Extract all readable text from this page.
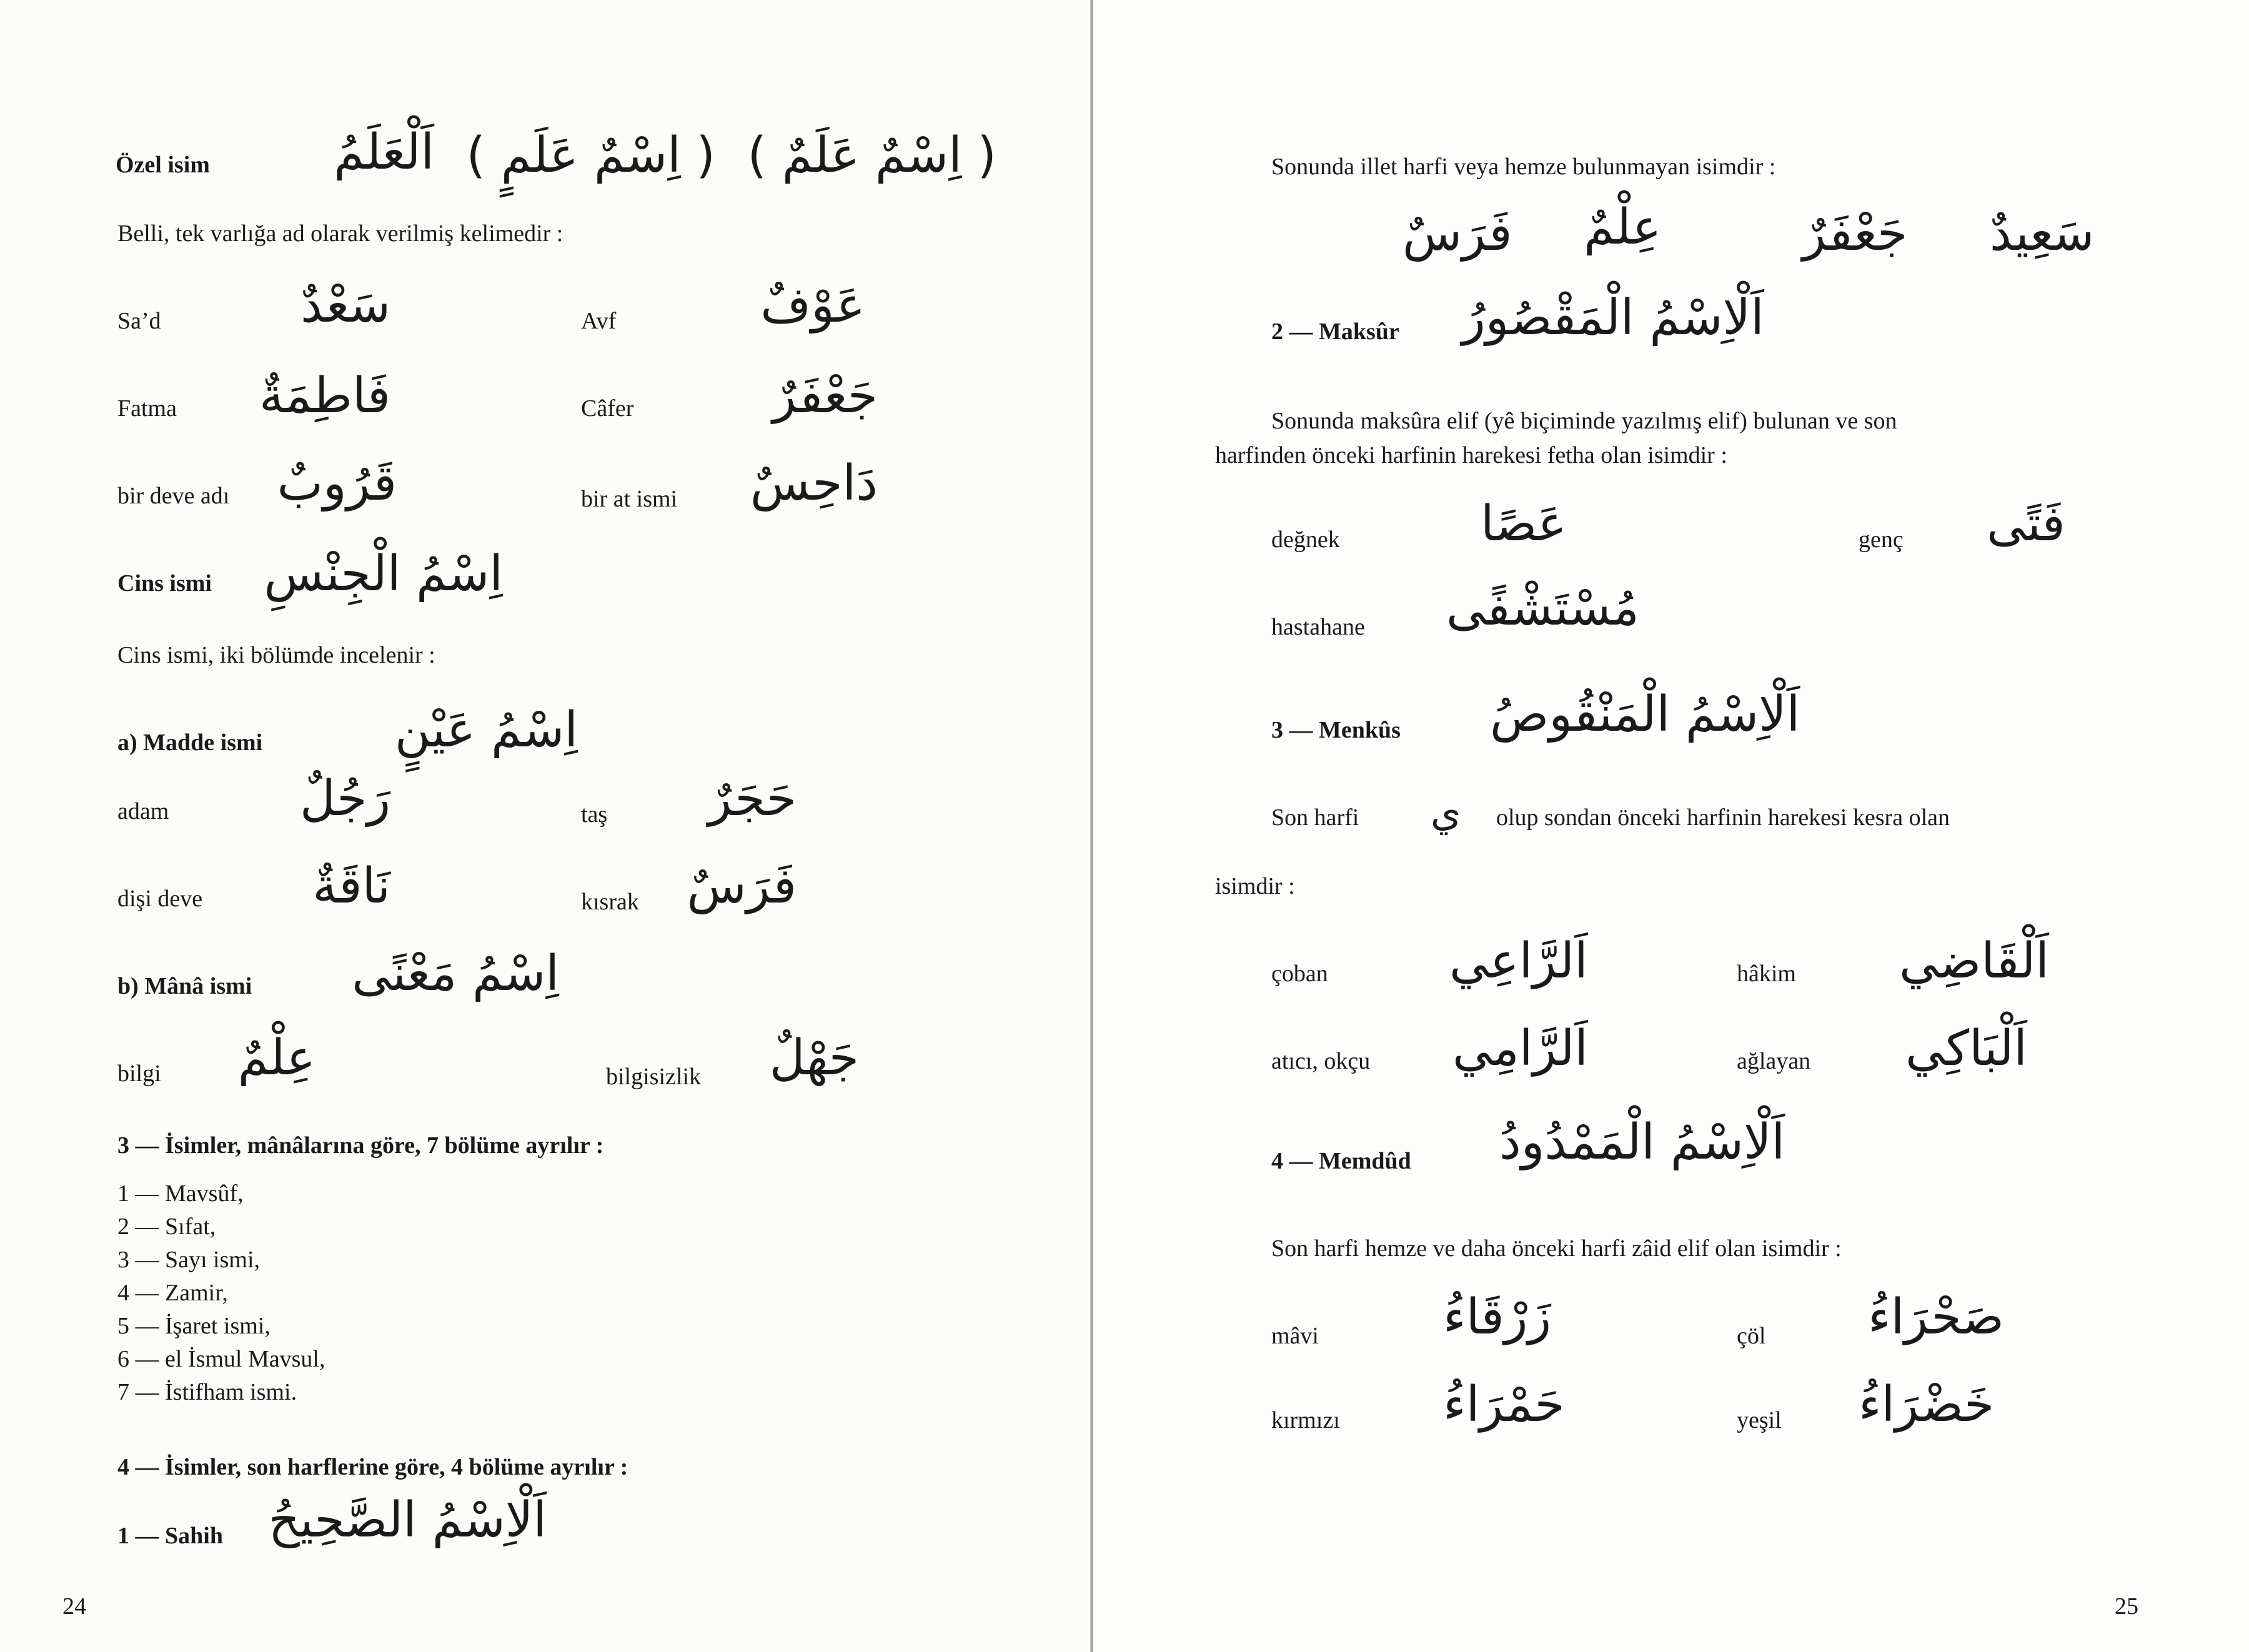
Özel isim	اَلْعَلَمُ ( اِسْمٌ عَلَمٍ ) ( اِسْمٌ عَلَمٌ )
Belli, tek varlığa ad olarak verilmiş kelimedir :
Sa’d	سَعْدٌ	Avf	عَوْفٌ
Fatma فَاطِمَةٌ	Câfer	جَعْفَرٌ
bir deve adı قَرُوبٌ	bir at ismi دَاحِسٌ
Cins ismi اِسْمُ الْجِنْسِ
Cins ismi, iki bölümde incelenir :
a) Madde ismi	اِسْمُ عَيْنٍ
adam	رَجُلٌ	taş حَجَرٌ
dişi deve نَاقَةٌ	kısrak فَرَسٌ
b) Mânâ ismi اِسْمُ مَعْنًى
bilgi عِلْمٌ	bilgisizlik جَهْلٌ
3 — İsimler, mânâlarına göre, 7 bölüme ayrılır :
1 — Mavsûf,
2 — Sıfat,
3 — Sayı ismi,
4 — Zamir,
5 — İşaret ismi,
6 — el İsmul Mavsul,
7 — İstifham ismi.
4 — İsimler, son harflerine göre, 4 bölüme ayrılır :
1 — Sahih اَلْاِسْمُ الصَّحِيحُ
24
Sonunda illet harfi veya hemze bulunmayan isimdir :
سَعِيدٌ
جَعْفَرٌ
عِلْمٌ
فَرَسٌ
2 — Maksûr اَلْاِسْمُ الْمَقْصُورُ
Sonunda maksûra elif (yê biçiminde yazılmış elif) bulunan ve son
harfinden önceki harfinin harekesi fetha olan isimdir :
değnek	عَصًا	genç فَتًى
hastahane مُسْتَشْفًى
3 — Menkûs اَلْاِسْمُ الْمَنْقُوصُ
Son harfi ي olup sondan önceki harfinin harekesi kesra olan
isimdir :
çoban اَلرَّاعِي	hâkim اَلْقَاضِي
atıcı, okçu اَلرَّامِي	ağlayan اَلْبَاكِي
4 — Memdûd اَلْاِسْمُ الْمَمْدُودُ
Son harfi hemze ve daha önceki harfi zâid elif olan isimdir :
mâvi	زَرْقَاءُ	çöl صَحْرَاءُ
kırmızı حَمْرَاءُ	yeşil خَضْرَاءُ
25
